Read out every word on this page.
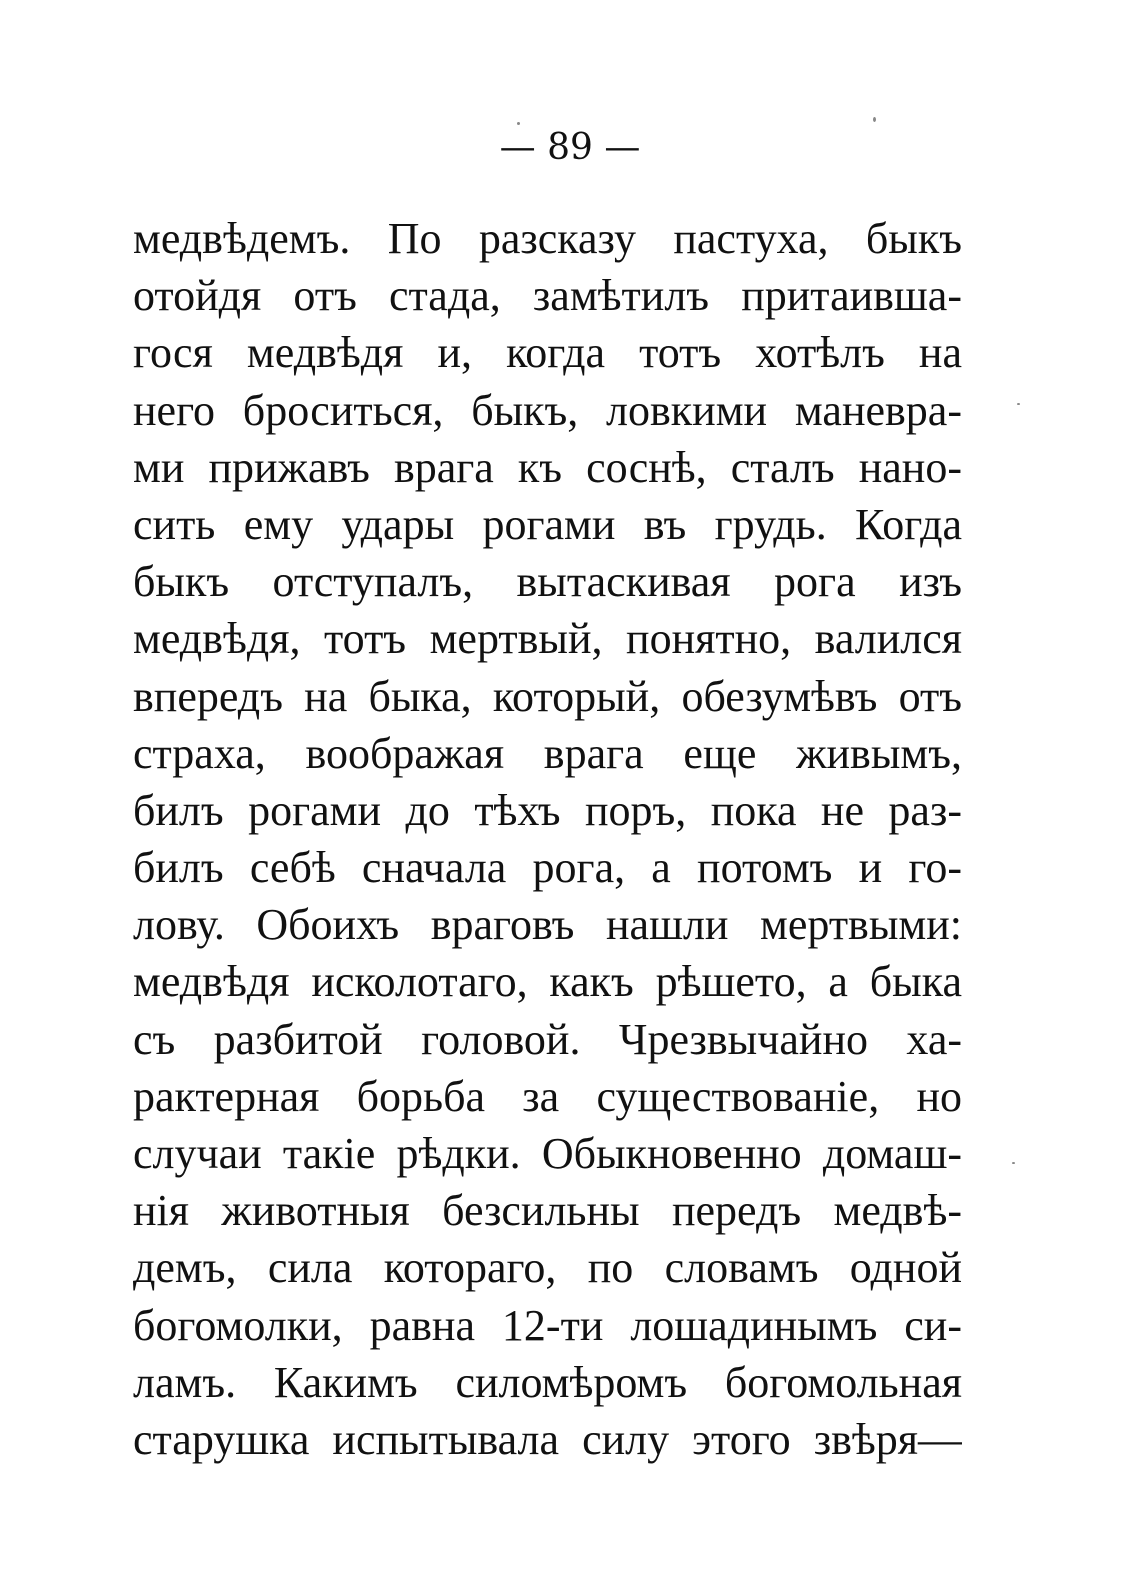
— 89 —
медвѣдемъ. По разсказу пастуха, быкъ
отойдя отъ стада, замѣтилъ притаивша-
гося медвѣдя и, когда тотъ хотѣлъ на
него броситься, быкъ, ловкими маневра-
ми прижавъ врага къ соснѣ, сталъ нано-
сить ему удары рогами въ грудь. Когда
быкъ отступалъ, вытаскивая рога изъ
медвѣдя, тотъ мертвый, понятно, валился
впередъ на быка, который, обезумѣвъ отъ
страха, воображая врага еще живымъ,
билъ рогами до тѣхъ поръ, пока не раз-
билъ себѣ сначала рога, а потомъ и го-
лову. Обоихъ враговъ нашли мертвыми:
медвѣдя исколотаго, какъ рѣшето, а быка
съ разбитой головой. Чрезвычайно ха-
рактерная борьба за существованіе, но
случаи такіе рѣдки. Обыкновенно домаш-
нія животныя безсильны передъ медвѣ-
демъ, сила котораго, по словамъ одной
богомолки, равна 12-ти лошадинымъ си-
ламъ. Какимъ силомѣромъ богомольная
старушка испытывала силу этого звѣря—
